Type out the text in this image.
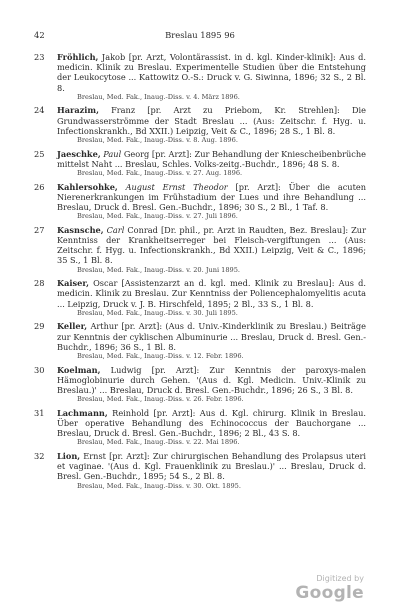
42	Breslau 1895 96
23 Fröhlich, Jakob [pr. Arzt, Volontärassist. in d. kgl. Kinder-klinik]: Aus d. medicin. Klinik zu Breslau. Experimentelle Studien über die Entstehung der Leukocytose ... Kattowitz O.-S.: Druck v. G. Siwinna, 1896; 32 S., 2 Bl. 8.
Breslau, Med. Fak., Inaug.-Diss. v. 4. März 1896.
24 Harazim, Franz [pr. Arzt zu Priebom, Kr. Strehlen]: Die Grundwasserströmme der Stadt Breslau ... (Aus: Zeitschr. f. Hyg. u. Infectionskrankh., Bd XXII.) Leipzig, Veit & C., 1896; 28 S., 1 Bl. 8.
Breslau, Med. Fak., Inaug.-Diss. v. 8. Aug. 1896.
25 Jaeschke, Paul Georg [pr. Arzt]: Zur Behandlung der Kniescheibenbrüche mittelst Naht ... Breslau, Schles. Volks-zeitg.-Buchdr., 1896; 48 S. 8.
Breslau, Med. Fak., Inaug.-Diss. v. 27. Aug. 1896.
26 Kahlersohke, August Ernst Theodor [pr. Arzt]: Über die acuten Nierenerkrankungen im Frühstadium der Lues und ihre Behandlung ... Breslau, Druck d. Bresl. Gen.-Buchdr., 1896; 30 S., 2 Bl., 1 Taf. 8.
Breslau, Med. Fak., Inaug.-Diss. v. 27. Juli 1896.
27 Kasnsche, Carl Conrad [Dr. phil., pr. Arzt in Raudten, Bez. Breslau]: Zur Kenntniss der Krankheitserreger bei Fleisch-vergiftungen ... (Aus: Zeitschr. f. Hyg. u. Infectionskrankh., Bd XXII.) Leipzig, Veit & C., 1896; 35 S., 1 Bl. 8.
Breslau, Med. Fak., Inaug.-Diss. v. 20. Juni 1895.
28 Kaiser, Oscar [Assistenzarzt an d. kgl. med. Klinik zu Breslau]: Aus d. medicin. Klinik zu Breslau. Zur Kenntniss der Poliencephalomyelitis acuta ... Leipzig, Druck v. J. B. Hirschfeld, 1895; 2 Bl., 33 S., 1 Bl. 8.
Breslau, Med. Fak., Inaug.-Diss. v. 30. Juli 1895.
29 Keller, Arthur [pr. Arzt]: (Aus d. Univ.-Kinderklinik zu Breslau.) Beiträge zur Kenntnis der cyklischen Albuminurie ... Breslau, Druck d. Bresl. Gen.-Buchdr., 1896; 36 S., 1 Bl. 8.
Breslau, Med. Fak., Inaug.-Diss. v. 12. Febr. 1896.
30 Koelman, Ludwig [pr. Arzt]: Zur Kenntnis der paroxys-malen Hämoglobinurie durch Gehen. '(Aus d. Kgl. Medicin. Univ.-Klinik zu Breslau.)' ... Breslau, Druck d. Bresl. Gen.-Buchdr., 1896; 26 S., 3 Bl. 8.
Breslau, Med. Fak., Inaug.-Diss. v. 26. Febr. 1896.
31 Lachmann, Reinhold [pr. Arzt]: Aus d. Kgl. chirurg. Klinik in Breslau. Über operative Behandlung des Echinococcus der Bauchorgane ... Breslau, Druck d. Bresl. Gen.-Buchdr., 1896; 2 Bl., 43 S. 8.
Breslau, Med. Fak., Inaug.-Diss. v. 22. Mai 1896.
32 Lion, Ernst [pr. Arzt]: Zur chirurgischen Behandlung des Prolapsus uteri et vaginae. '(Aus d. Kgl. Frauenklinik zu Breslau.)' ... Breslau, Druck d. Bresl. Gen.-Buchdr., 1895; 54 S., 2 Bl. 8.
Breslau, Med. Fak., Inaug.-Diss. v. 30. Okt. 1895.
Digitized by
Google
